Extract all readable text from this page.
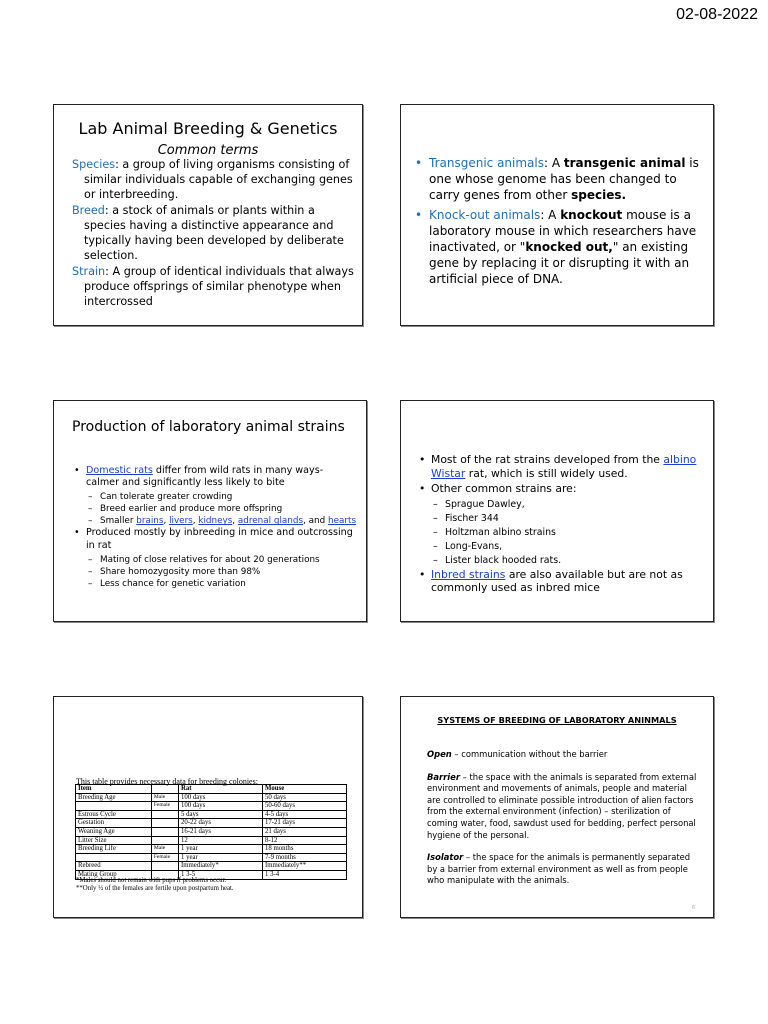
02-08-2022
Lab Animal Breeding & Genetics
Common terms

Species: a group of living organisms consisting of similar individuals capable of exchanging genes or interbreeding.

Breed: a stock of animals or plants within a species having a distinctive appearance and typically having been developed by deliberate selection.

Strain: A group of identical individuals that always produce offsprings of similar phenotype when intercrossed

• Transgenic animals: A transgenic animal is one whose genome has been changed to carry genes from other species.
• Knock-out animals: A knockout mouse is a laboratory mouse in which researchers have inactivated, or "knocked out," an existing gene by replacing it or disrupting it with an artificial piece of DNA.
Production of laboratory animal strains
• Domestic rats differ from wild rats in many ways- calmer and significantly less likely to bite
– Can tolerate greater crowding
– Breed earlier and produce more offspring
– Smaller brains, livers, kidneys, adrenal glands, and hearts
• Produced mostly by inbreeding in mice and outcrossing in rat
– Mating of close relatives for about 20 generations
– Share homozygosity more than 98%
– Less chance for genetic variation
• Most of the rat strains developed from the albino Wistar rat, which is still widely used.
• Other common strains are:
– Sprague Dawley,
– Fischer 344
– Holtzman albino strains
– Long-Evans,
– Lister black hooded rats.
• Inbred strains are also available but are not as commonly used as inbred mice
This table provides necessary data for breeding colonies:
Item		Rat	Mouse
Breeding Age	Male	100 days	50 days
	Female	100 days	50-60 days
Estrous Cycle		5 days	4-5 days
Gestation		20-22 days	17-21 days
Weaning Age		16-21 days	21 days
Litter Size		12	8-12
Breeding Life	Male	1 year	18 months
	Female	1 year	7-9 months
Rebreed		Immediately*	Immediately**
Mating Group		1 3-5	1 3-4
*Males should not remain with pups if problems occur.
**Only ½ of the females are fertile upon postpartum heat.
SYSTEMS OF BREEDING OF LABORATORY ANINMALS

Open – communication without the barrier

Barrier – the space with the animals is separated from external environment and movements of animals, people and material are controlled to eliminate possible introduction of alien factors from the external environment (infection) – sterilization of coming water, food, sawdust used for bedding, perfect personal hygiene of the personal.

Isolator – the space for the animals is permanently separated by a barrier from external environment as well as from people who manipulate with the animals.

6
